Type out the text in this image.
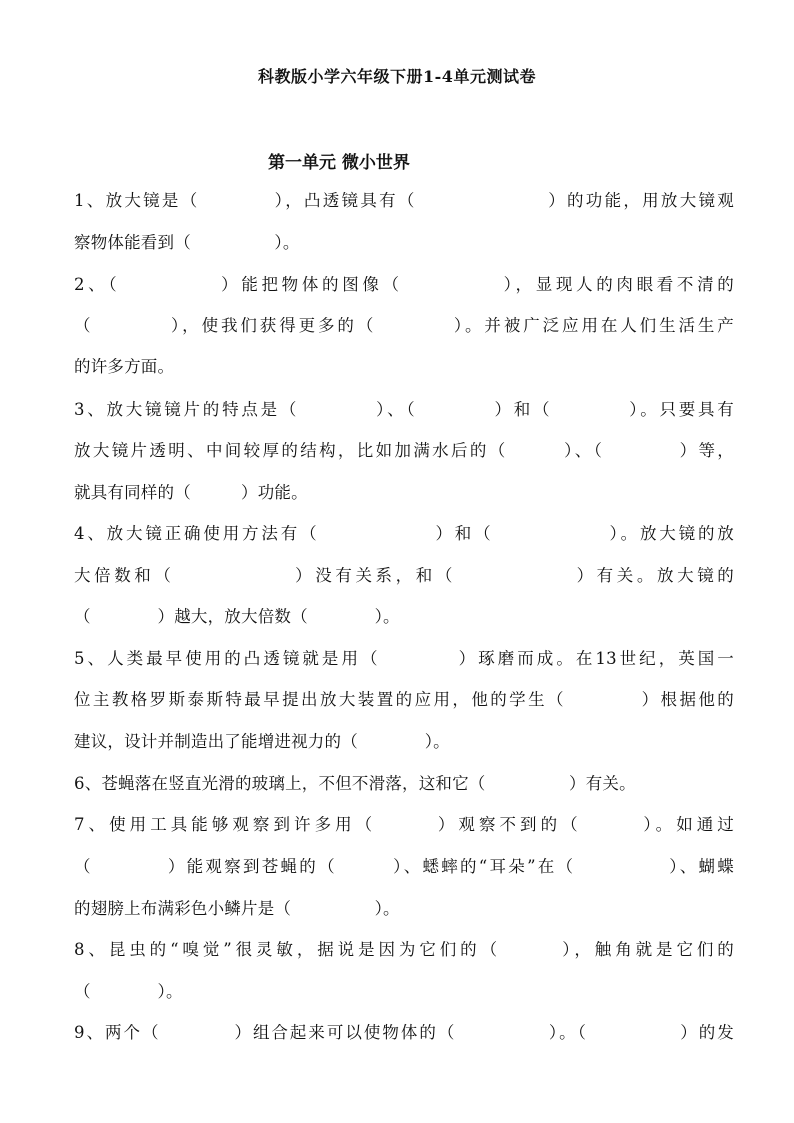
科教版小学六年级下册1-4单元测试卷
第一单元 微小世界
1、放大镜是（　　　　），凸透镜具有（　　　　　　　）的功能，用放大镜观
察物体能看到（　　　　　）。
2、（　　　　　）能把物体的图像（　　　　　），显现人的肉眼看不清的
（　　　　），使我们获得更多的（　　　　）。并被广泛应用在人们生活生产
的许多方面。
3、放大镜镜片的特点是（　　　　）、（　　　　）和（　　　　）。只要具有
放大镜片透明、中间较厚的结构，比如加满水后的（　　　）、（　　　　）等，
就具有同样的（　　　）功能。
4、放大镜正确使用方法有（　　　　　　）和（　　　　　　）。放大镜的放
大倍数和（　　　　　　）没有关系，和（　　　　　　）有关。放大镜的
（　　　　）越大，放大倍数（　　　　）。
5、人类最早使用的凸透镜就是用（　　　　）琢磨而成。在13世纪，英国一
位主教格罗斯泰斯特最早提出放大装置的应用，他的学生（　　　　）根据他的
建议，设计并制造出了能增进视力的（　　　　）。
6、苍蝇落在竖直光滑的玻璃上，不但不滑落，这和它（　　　　　）有关。
7、使用工具能够观察到许多用（　　　）观察不到的（　　　）。如通过
（　　　　）能观察到苍蝇的（　　　）、蟋蟀的“耳朵”在（　　　　　）、蝴蝶
的翅膀上布满彩色小鳞片是（　　　　　）。
8、昆虫的“嗅觉”很灵敏，据说是因为它们的（　　　），触角就是它们的
（　　　　）。
9、两个（　　　　）组合起来可以使物体的（　　　　　）。（　　　　　）的发
